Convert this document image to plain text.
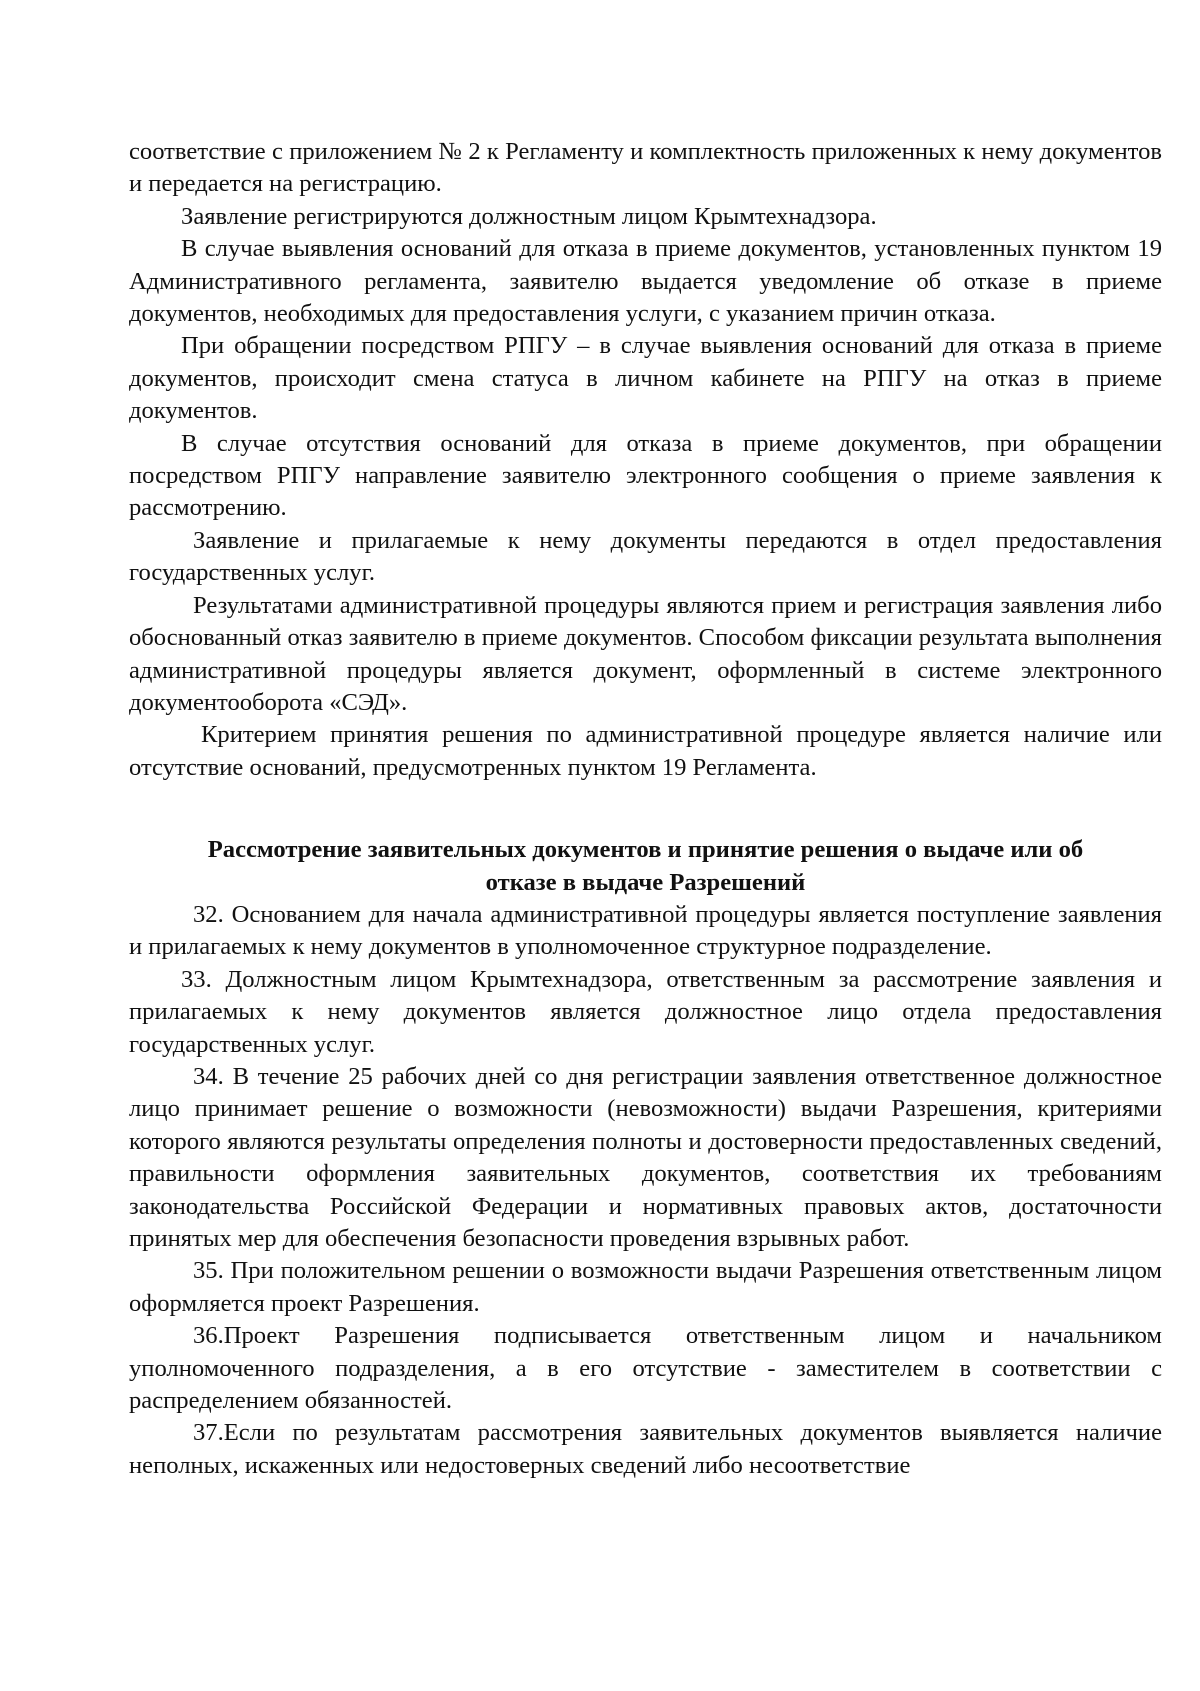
соответствие с приложением № 2 к Регламенту и комплектность приложенных к нему документов и передается на регистрацию.

Заявление регистрируются должностным лицом Крымтехнадзора.

В случае выявления оснований для отказа в приеме документов, установленных пунктом 19 Административного регламента, заявителю выдается уведомление об отказе в приеме документов, необходимых для предоставления услуги, с указанием причин отказа.

При обращении посредством РПГУ – в случае выявления оснований для отказа в приеме документов, происходит смена статуса в личном кабинете на РПГУ на отказ в приеме документов.

В случае отсутствия оснований для отказа в приеме документов, при обращении посредством РПГУ направление заявителю электронного сообщения о приеме заявления к рассмотрению.

Заявление и прилагаемые к нему документы передаются в отдел предоставления государственных услуг.

Результатами административной процедуры являются прием и регистрация заявления либо обоснованный отказ заявителю в приеме документов. Способом фиксации результата выполнения административной процедуры является документ, оформленный в системе электронного документооборота «СЭД».

Критерием принятия решения по административной процедуре является наличие или отсутствие оснований, предусмотренных пунктом 19 Регламента.

Рассмотрение заявительных документов и принятие решения о выдаче или об
отказе в выдаче Разрешений

32. Основанием для начала административной процедуры является поступление заявления и прилагаемых к нему документов в уполномоченное структурное подразделение.

33. Должностным лицом Крымтехнадзора, ответственным за рассмотрение заявления и прилагаемых к нему документов является должностное лицо отдела предоставления государственных услуг.

34. В течение 25 рабочих дней со дня регистрации заявления ответственное должностное лицо принимает решение о возможности (невозможности) выдачи Разрешения, критериями которого являются результаты определения полноты и достоверности предоставленных сведений, правильности оформления заявительных документов, соответствия их требованиям законодательства Российской Федерации и нормативных правовых актов, достаточности принятых мер для обеспечения безопасности проведения взрывных работ.

35. При положительном решении о возможности выдачи Разрешения ответственным лицом оформляется проект Разрешения.

36.Проект Разрешения подписывается ответственным лицом и начальником уполномоченного подразделения, а в его отсутствие - заместителем в соответствии с распределением обязанностей.

37.Если по результатам рассмотрения заявительных документов выявляется наличие неполных, искаженных или недостоверных сведений либо несоответствие
